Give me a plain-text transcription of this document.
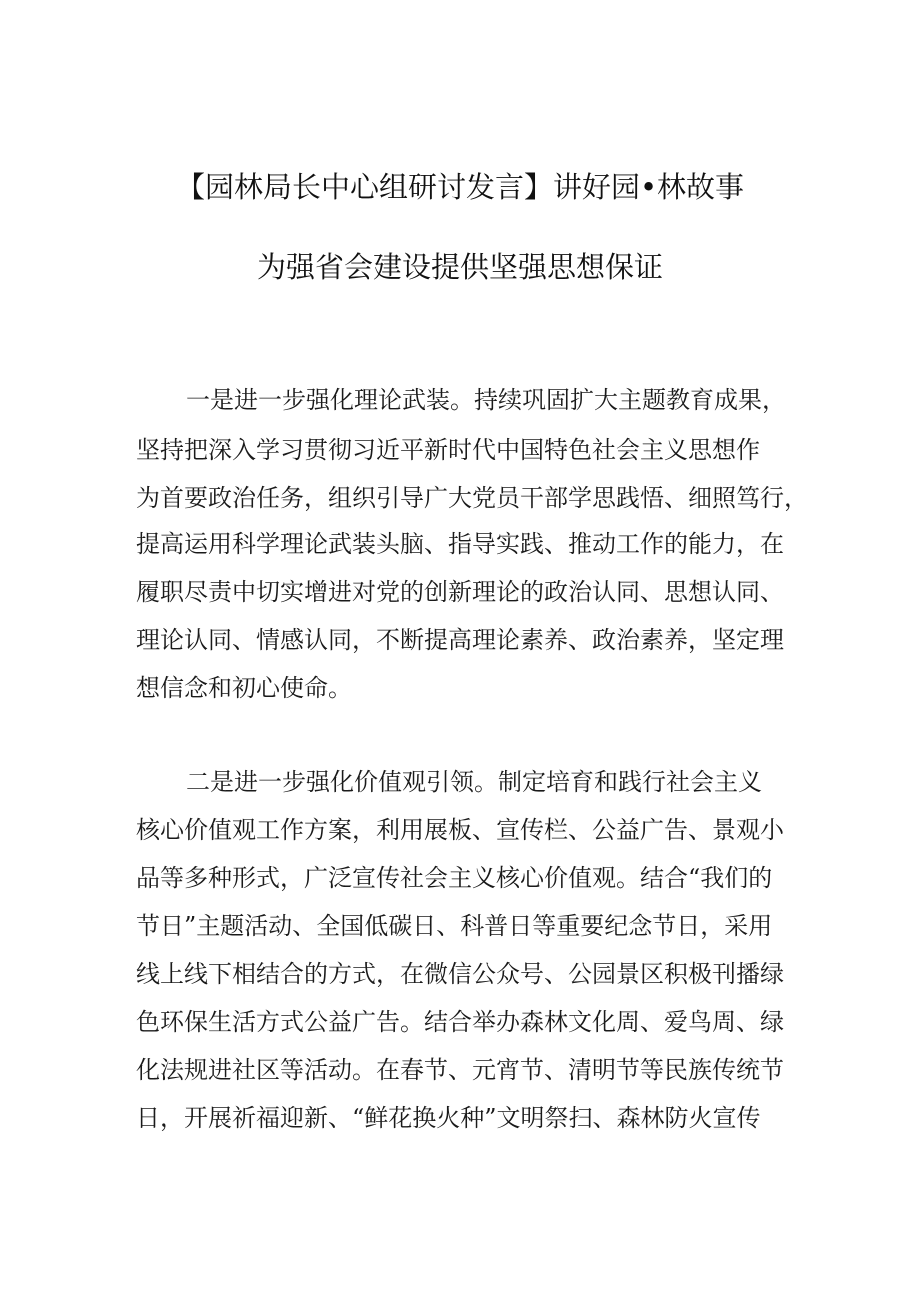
【园林局长中心组研讨发言】讲好园•林故事
为强省会建设提供坚强思想保证
一是进一步强化理论武装。持续巩固扩大主题教育成果，
坚持把深入学习贯彻习近平新时代中国特色社会主义思想作
为首要政治任务，组织引导广大党员干部学思践悟、细照笃行，
提高运用科学理论武装头脑、指导实践、推动工作的能力，在
履职尽责中切实增进对党的创新理论的政治认同、思想认同、
理论认同、情感认同，不断提高理论素养、政治素养，坚定理
想信念和初心使命。
二是进一步强化价值观引领。制定培育和践行社会主义
核心价值观工作方案，利用展板、宣传栏、公益广告、景观小
品等多种形式，广泛宣传社会主义核心价值观。结合“我们的
节日”主题活动、全国低碳日、科普日等重要纪念节日，采用
线上线下相结合的方式，在微信公众号、公园景区积极刊播绿
色环保生活方式公益广告。结合举办森林文化周、爱鸟周、绿
化法规进社区等活动。在春节、元宵节、清明节等民族传统节
日，开展祈福迎新、“鲜花换火种”文明祭扫、森林防火宣传
